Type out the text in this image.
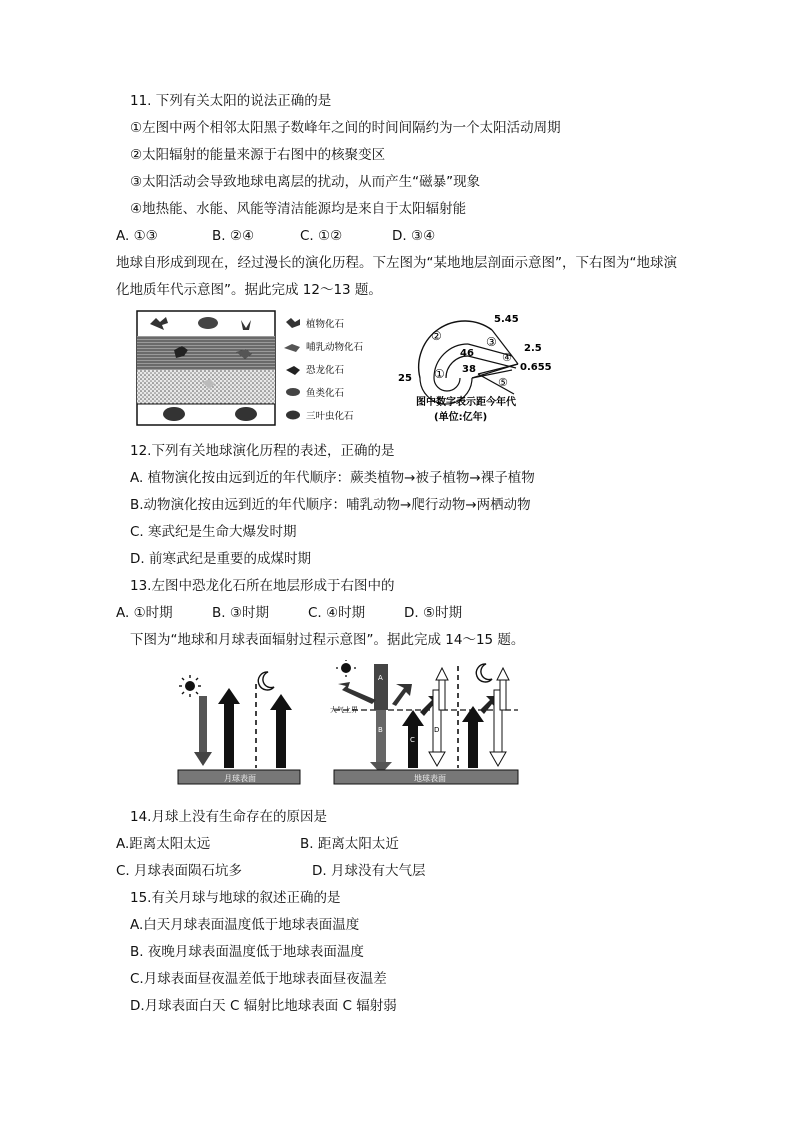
11. 下列有关太阳的说法正确的是
①左图中两个相邻太阳黑子数峰年之间的时间间隔约为一个太阳活动周期
②太阳辐射的能量来源于右图中的核聚变区
③太阳活动会导致地球电离层的扰动，从而产生“磁暴”现象
④地热能、水能、风能等清洁能源均是来自于太阳辐射能
A. ①③	B. ②④	C. ①②	D. ③④
地球自形成到现在，经过漫长的演化历程。下左图为“某地地层剖面示意图”，下右图为“地球演
化地质年代示意图”。据此完成 12～13 题。
植物化石
哺乳动物化石
恐龙化石
鱼类化石
三叶虫化石
5.45
46
38
25
2.5
0.655
②	③
④
①
⑤
图中数字表示距今年代
(单位:亿年)
12.下列有关地球演化历程的表述，正确的是
A. 植物演化按由远到近的年代顺序：蕨类植物→被子植物→裸子植物
B.动物演化按由远到近的年代顺序：哺乳动物→爬行动物→两栖动物
C. 寒武纪是生命大爆发时期
D. 前寒武纪是重要的成煤时期
13.左图中恐龙化石所在地层形成于右图中的
A. ①时期	B. ③时期	C. ④时期	D. ⑤时期
下图为“地球和月球表面辐射过程示意图”。据此完成 14～15 题。
月球表面
大气上界
A
B
C
D
地球表面
14.月球上没有生命存在的原因是
A.距离太阳太远	B. 距离太阳太近
C. 月球表面陨石坑多	D. 月球没有大气层
15.有关月球与地球的叙述正确的是
A.白天月球表面温度低于地球表面温度
B. 夜晚月球表面温度低于地球表面温度
C.月球表面昼夜温差低于地球表面昼夜温差
D.月球表面白天 C 辐射比地球表面 C 辐射弱
